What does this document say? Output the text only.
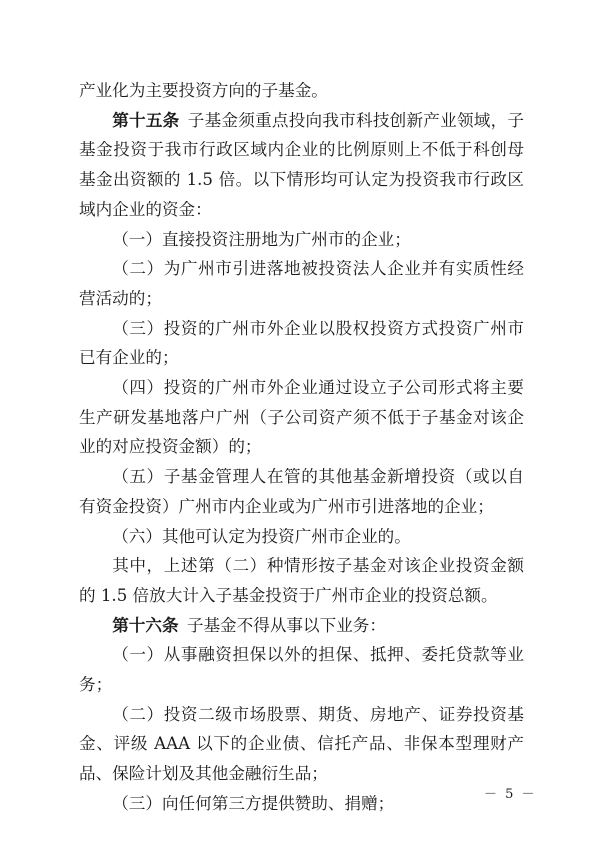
产业化为主要投资方向的子基金。

第十五条 子基金须重点投向我市科技创新产业领域，子基金投资于我市行政区域内企业的比例原则上不低于科创母基金出资额的 1.5 倍。以下情形均可认定为投资我市行政区域内企业的资金：

（一）直接投资注册地为广州市的企业；

（二）为广州市引进落地被投资法人企业并有实质性经营活动的；

（三）投资的广州市外企业以股权投资方式投资广州市已有企业的；

（四）投资的广州市外企业通过设立子公司形式将主要生产研发基地落户广州（子公司资产须不低于子基金对该企业的对应投资金额）的；

（五）子基金管理人在管的其他基金新增投资（或以自有资金投资）广州市内企业或为广州市引进落地的企业；

（六）其他可认定为投资广州市企业的。

其中，上述第（二）种情形按子基金对该企业投资金额的 1.5 倍放大计入子基金投资于广州市企业的投资总额。

第十六条 子基金不得从事以下业务：

（一）从事融资担保以外的担保、抵押、委托贷款等业务；

（二）投资二级市场股票、期货、房地产、证券投资基金、评级 AAA 以下的企业债、信托产品、非保本型理财产品、保险计划及其他金融衍生品；

（三）向任何第三方提供赞助、捐赠；	－ 5 －
